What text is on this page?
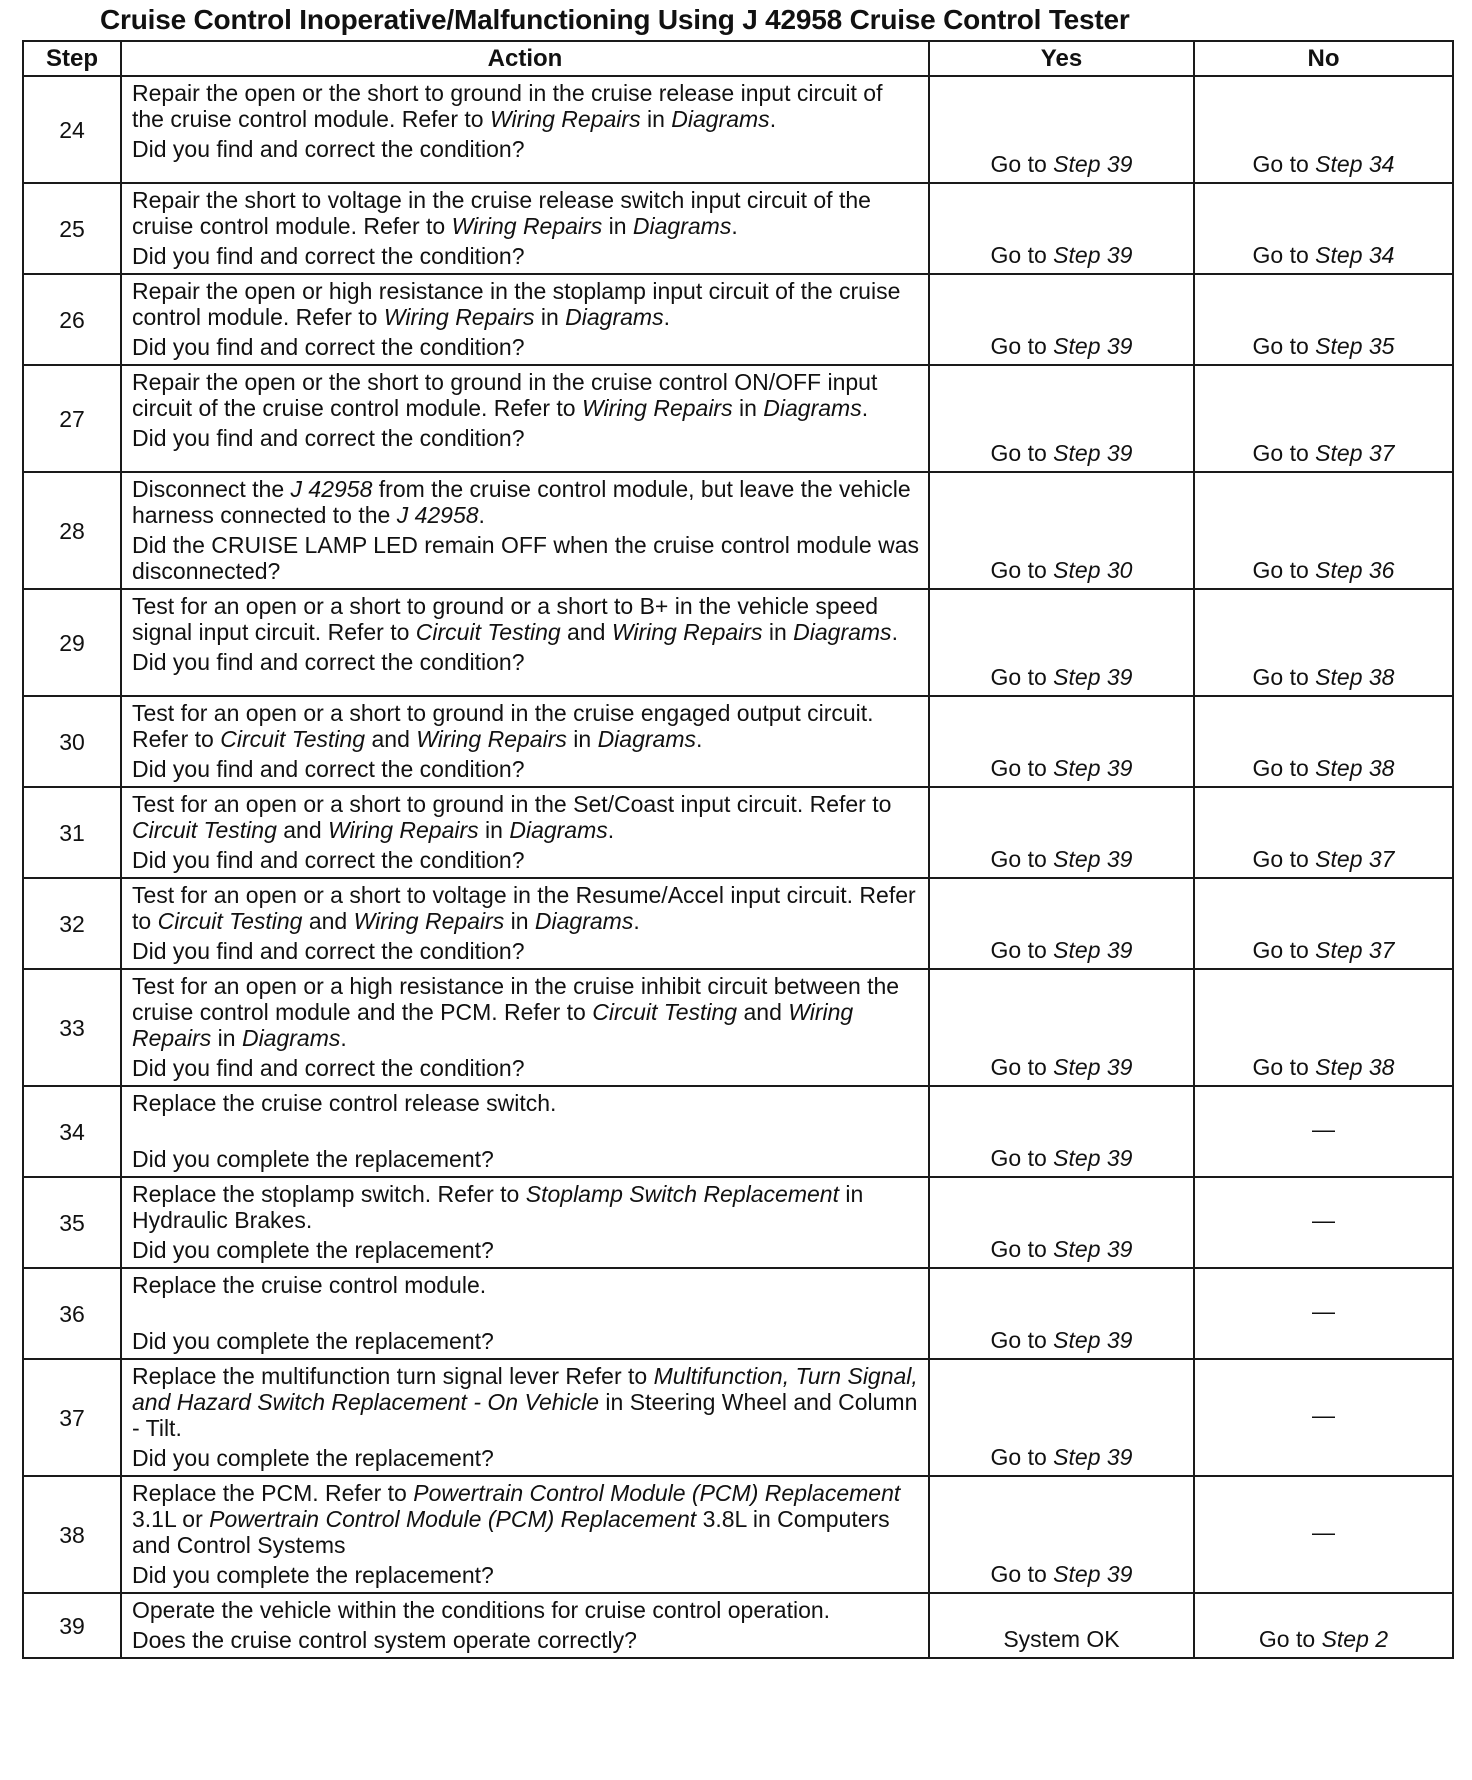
Cruise Control Inoperative/Malfunctioning Using J 42958 Cruise Control Tester
Step	Action	Yes	No
24	Repair the open or the short to ground in the cruise release input circuit of the cruise control module. Refer to Wiring Repairs in Diagrams.
Did you find and correct the condition?	Go to Step 39	Go to Step 34
25	Repair the short to voltage in the cruise release switch input circuit of the cruise control module. Refer to Wiring Repairs in Diagrams.
Did you find and correct the condition?	Go to Step 39	Go to Step 34
26	Repair the open or high resistance in the stoplamp input circuit of the cruise control module. Refer to Wiring Repairs in Diagrams.
Did you find and correct the condition?	Go to Step 39	Go to Step 35
27	Repair the open or the short to ground in the cruise control ON/OFF input circuit of the cruise control module. Refer to Wiring Repairs in Diagrams.
Did you find and correct the condition?	Go to Step 39	Go to Step 37
28	Disconnect the J 42958 from the cruise control module, but leave the vehicle harness connected to the J 42958.
Did the CRUISE LAMP LED remain OFF when the cruise control module was disconnected?	Go to Step 30	Go to Step 36
29	Test for an open or a short to ground or a short to B+ in the vehicle speed signal input circuit. Refer to Circuit Testing and Wiring Repairs in Diagrams.
Did you find and correct the condition?	Go to Step 39	Go to Step 38
30	Test for an open or a short to ground in the cruise engaged output circuit. Refer to Circuit Testing and Wiring Repairs in Diagrams.
Did you find and correct the condition?	Go to Step 39	Go to Step 38
31	Test for an open or a short to ground in the Set/Coast input circuit. Refer to Circuit Testing and Wiring Repairs in Diagrams.
Did you find and correct the condition?	Go to Step 39	Go to Step 37
32	Test for an open or a short to voltage in the Resume/Accel input circuit. Refer to Circuit Testing and Wiring Repairs in Diagrams.
Did you find and correct the condition?	Go to Step 39	Go to Step 37
33	Test for an open or a high resistance in the cruise inhibit circuit between the cruise control module and the PCM. Refer to Circuit Testing and Wiring Repairs in Diagrams.
Did you find and correct the condition?	Go to Step 39	Go to Step 38
34	Replace the cruise control release switch.
Did you complete the replacement?	Go to Step 39	—
35	Replace the stoplamp switch. Refer to Stoplamp Switch Replacement in Hydraulic Brakes.
Did you complete the replacement?	Go to Step 39	—
36	Replace the cruise control module.
Did you complete the replacement?	Go to Step 39	—
37	Replace the multifunction turn signal lever Refer to Multifunction, Turn Signal, and Hazard Switch Replacement - On Vehicle in Steering Wheel and Column - Tilt.
Did you complete the replacement?	Go to Step 39	—
38	Replace the PCM. Refer to Powertrain Control Module (PCM) Replacement 3.1L or Powertrain Control Module (PCM) Replacement 3.8L in Computers and Control Systems
Did you complete the replacement?	Go to Step 39	—
39	Operate the vehicle within the conditions for cruise control operation.
Does the cruise control system operate correctly?	System OK	Go to Step 2
